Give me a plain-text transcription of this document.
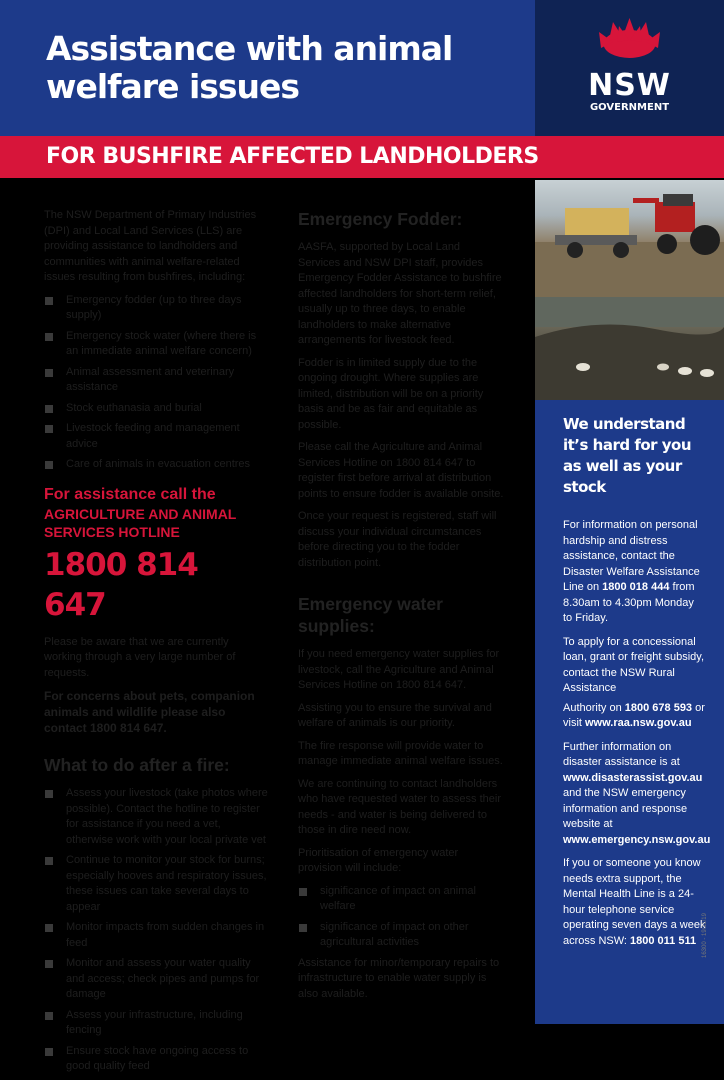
Assistance with animal welfare issues	NSW
GOVERNMENT
FOR BUSHFIRE AFFECTED LANDHOLDERS

The NSW Department of Primary Industries (DPI) and Local Land Services (LLS) are providing assistance to landholders and communities with animal welfare-related issues resulting from bushfires, including:

Emergency fodder (up to three days supply)
Emergency stock water (where there is an immediate animal welfare concern)
Animal assessment and veterinary assistance
Stock euthanasia and burial
Livestock feeding and management advice
Care of animals in evacuation centres
For assistance call the
AGRICULTURE AND ANIMAL SERVICES HOTLINE
1800 814 647

Please be aware that we are currently working through a very large number of requests.

For concerns about pets, companion animals and wildlife please also contact 1800 814 647.

What to do after a fire:
Assess your livestock (take photos where possible). Contact the hotline to register for assistance if you need a vet, otherwise work with your local private vet
Continue to monitor your stock for burns; especially hooves and respiratory issues, these issues can take several days to appear
Monitor impacts from sudden changes in feed
Monitor and assess your water quality and access; check pipes and pumps for damage
Assess your infrastructure, including fencing
Ensure stock have ongoing access to good quality feed
Emergency Fodder:

AASFA, supported by Local Land Services and NSW DPI staff, provides Emergency Fodder Assistance to bushfire affected landholders for short-term relief, usually up to three days, to enable landholders to make alternative arrangements for livestock feed.

Fodder is in limited supply due to the ongoing drought. Where supplies are limited, distribution will be on a priority basis and be as fair and equitable as possible.

Please call the Agriculture and Animal Services Hotline on 1800 814 647 to register first before arrival at distribution points to ensure fodder is available onsite.

Once your request is registered, staff will discuss your individual circumstances before directing you to the fodder distribution point.

Emergency water supplies:

If you need emergency water supplies for livestock, call the Agriculture and Animal Services Hotline on 1800 814 647.

Assisting you to ensure the survival and welfare of animals is our priority.

The fire response will provide water to manage immediate animal welfare issues.

We are continuing to contact landholders who have requested water to assess their needs - and water is being delivered to those in dire need now.

Prioritisation of emergency water provision will include:

significance of impact on animal welfare
significance of impact on other agricultural activities

Assistance for minor/temporary repairs to infrastructure to enable water supply is also available.

We understand it’s hard for you as well as your stock

For information on personal hardship and distress assistance, contact the Disaster Welfare Assistance Line on 1800 018 444 from 8.30am to 4.30pm Monday to Friday.

To apply for a concessional loan, grant or freight subsidy, contact the NSW Rural Assistance

Authority on 1800 678 593 or visit www.raa.nsw.gov.au

Further information on disaster assistance is at www.disasterassist.gov.au and the NSW emergency information and response website at www.emergency.nsw.gov.au

If you or someone you know needs extra support, the Mental Health Line is a 24-hour telephone service operating seven days a week across NSW: 1800 011 511 16300 - 19/11/19
